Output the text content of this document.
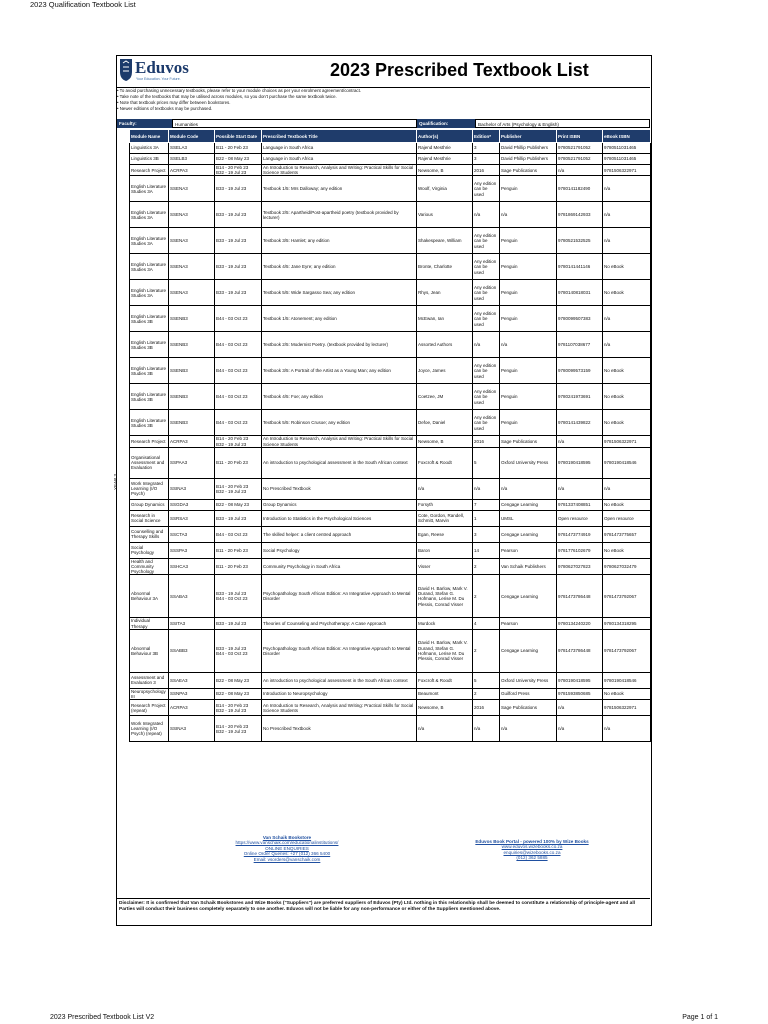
2023 Qualification Textbook List
Eduvos
Your Education. Your Future.	2023 Prescribed Textbook List
• To avoid purchasing unnecessary textbooks, please refer to your module choices as per your enrolment agreement/contract.
• Take note of the textbooks that may be utilised across modules, so you don't purchase the same textbook twice.
• Note that textbook prices may differ between bookstores.
• Newer editions of textbooks may be purchased.
Faculty:	Humanities	Qualification:	Bachelor of Arts (Psychology & English)
YEAR 3
Module Name	Module Code	Possible Start Date	Prescribed Textbook Title	Author(s)	Edition*	Publisher	Print ISBN	eBook ISBN
Linguistics 3A	SSELA3	B11 - 20 Feb 23	Language in South Africa	Rajend Mesthrie	3	David Phillip Publishers	9780521791052	9780511031465
Linguistics 3B	SSELB3	B22 - 08 May 23	Language in South Africa	Rajend Mesthrie	3	David Phillip Publishers	9780521791052	9780511031465
Research Project	ACRPA3	B14 - 20 Feb 23
B32 - 19 Jul 23	An Introduction to Research, Analysis and Writing: Practical Skills for Social Science Students	Newsome, B	2016	Sage Publications	n/a	9781506322971
English Literature Studies 3A	SSENA3	B33 - 19 Jul 23	Textbook 1/5: Mrs Dalloway; any edition	Woolf, Virginia	Any edition can be used	Penguin	9780141182490	n/a
English Literature Studies 3A	SSENA3	B33 - 19 Jul 23	Textbook 2/5: Apartheid/Post-apartheid poetry (textbook provided by lecturer)	Various	n/a	n/a	9781869142933	n/a
English Literature Studies 3A	SSENA3	B33 - 19 Jul 23	Textbook 3/5: Hamlet; any edition	Shakespeare, William	Any edition can be used	Penguin	9780521532525	n/a
English Literature Studies 3A	SSENA3	B33 - 19 Jul 23	Textbook 4/5: Jane Eyre; any edition	Bronte, Charlotte	Any edition can be used	Penguin	9780141441146	No eBook
English Literature Studies 3A	SSENA3	B33 - 19 Jul 23	Textbook 5/5: Wide Sargasso Sea; any edition	Rhys, Jean	Any edition can be used	Penguin	9780140818031	No eBook
English Literature Studies 3B	SSENB3	B44 - 03 Oct 23	Textbook 1/5: Atonement; any edition	McEwan, Ian	Any edition can be used	Penguin	9780099507383	n/a
English Literature Studies 3B	SSENB3	B44 - 03 Oct 23	Textbook 2/5: Modernist Poetry. (textbook provided by lecturer)	Assorted Authors	n/a	n/a	9781107038677	n/a
English Literature Studies 3B	SSENB3	B44 - 03 Oct 23	Textbook 3/5: A Portrait of the Artist as a Young Man; any edition	Joyce, James	Any edition can be used	Penguin	9780099573159	No eBook
English Literature Studies 3B	SSENB3	B44 - 03 Oct 23	Textbook 4/5: Foe; any edition	Coetzee, JM	Any edition can be used	Penguin	9780241973691	No eBook
English Literature Studies 3B	SSENB3	B44 - 03 Oct 23	Textbook 5/5: Robinson Crusoe; any edition	Defoe, Daniel	Any edition can be used	Penguin	9780141439822	No eBook
Research Project	ACRPA3	B14 - 20 Feb 23
B32 - 19 Jul 23	An Introduction to Research, Analysis and Writing: Practical Skills for Social Science Students	Newsome, B	2016	Sage Publications	n/a	9781506322971
Organisational Assessment and Evaluation	SSPAA3	B11 - 20 Feb 23	An introduction to psychological assessment in the South African context	Foxcroft & Roodt	5	Oxford University Press	9780190418595	9780190418546
Work Integrated Learning (I/O Psych)	SSINA3	B14 - 20 Feb 23
B32 - 19 Jul 23	No Prescribed Textbook	n/a	n/a	n/a	n/a	n/a
Group Dynamics	SSGDA3	B22 - 08 May 23	Group Dynamics	Forsyth	7	Cengage Learning	9781337408851	No eBook
Research in Social Science	SSRSA3	B33 - 19 Jul 23	Introduction to Statistics in the Psychological Sciences	Cote, Gordon, Randell, Schmitt, Marvin	1	UMSL	Open resource	Open resource
Counselling and Therapy Skills	SSCTA3	B44 - 03 Oct 23	The skilled helper: a client centred approach	Egan, Reese	3	Cengage Learning	9781473774919	9781473775657
Social Psychology	SSSPA3	B11 - 20 Feb 23	Social Psychology	Baron	14	Pearson	9781776102679	No eBook
Health and Community Psychology	SSHCA3	B11 - 20 Feb 23	Community Psychology in South Africa	Visser	2	Van Schaik Publishers	9780627027823	9780627032479
Abnormal Behaviour 3A	SSABA3	B33 - 19 Jul 23
B44 - 03 Oct 23	Psychopathology South African Edition: An Integrative Approach to Mental Disorder	David H. Barlow, Mark V. Durand, Stefan G. Hofmann, Lerise M. Du Plessis, Conrad Visser	2	Cengage Learning	9781473786448	9781473792067
Individual Therapy	SSITA3	B33 - 19 Jul 23	Theories of Counseling and Psychotherapy: A Case Approach	Murdock	4	Pearson	9780134240220	9780134318295
Abnormal Behaviour 3B	SSABB3	B33 - 19 Jul 23
B44 - 03 Oct 23	Psychopathology South African Edition: An Integrative Approach to Mental Disorder	David H. Barlow, Mark V. Durand, Stefan G. Hofmann, Lerise M. Du Plessis, Conrad Visser	2	Cengage Learning	9781473786448	9781473792067
Assessment and Evaluation 3	SSAEA3	B22 - 08 May 23	An introduction to psychological assessment in the South African context	Foxcroft & Roodt	5	Oxford University Press	9780190418595	9780190418546
Neuropsychology III	SSNPA3	B22 - 08 May 23	Introduction to Neuropsychology	Beaumont	2	Guilford Press	9781593850685	No eBook
Research Project (repeat)	ACRPA3	B14 - 20 Feb 23
B32 - 19 Jul 23	An Introduction to Research, Analysis and Writing: Practical Skills for Social Science Students	Newsome, B	2016	Sage Publications	n/a	9781506322971
Work Integrated Learning (I/O Psych) (repeat)	SSINA3	B14 - 20 Feb 23
B32 - 19 Jul 23	No Prescribed Textbook	n/a	n/a	n/a	n/a	n/a
Van Schaik Bookstore
https://www.vanschaik.com/educationalinstitutions/
ONLINE ENQUIRIES
Online Order Queries: +27 (012) 366 5400
Email: vsorders@vanschaik.com
Eduvos Book Portal - powered 100% by Wize Books
www.eduvos.wizebooks.co.za
enquiries@wizebooks.co.za
(012) 362 5885
Disclaimer: It is confirmed that Van Schaik Bookstores and Wize Books ("Suppliers") are preferred suppliers of Eduvos (Pty) Ltd. nothing in this relationship shall be deemed to constitute a relationship of principle-agent and all Parties will conduct their business completely separately to one another. Eduvos will not be liable for any non-performance or either of the Suppliers mentioned above.
2023 Prescribed Textbook List V2	Page 1 of 1
